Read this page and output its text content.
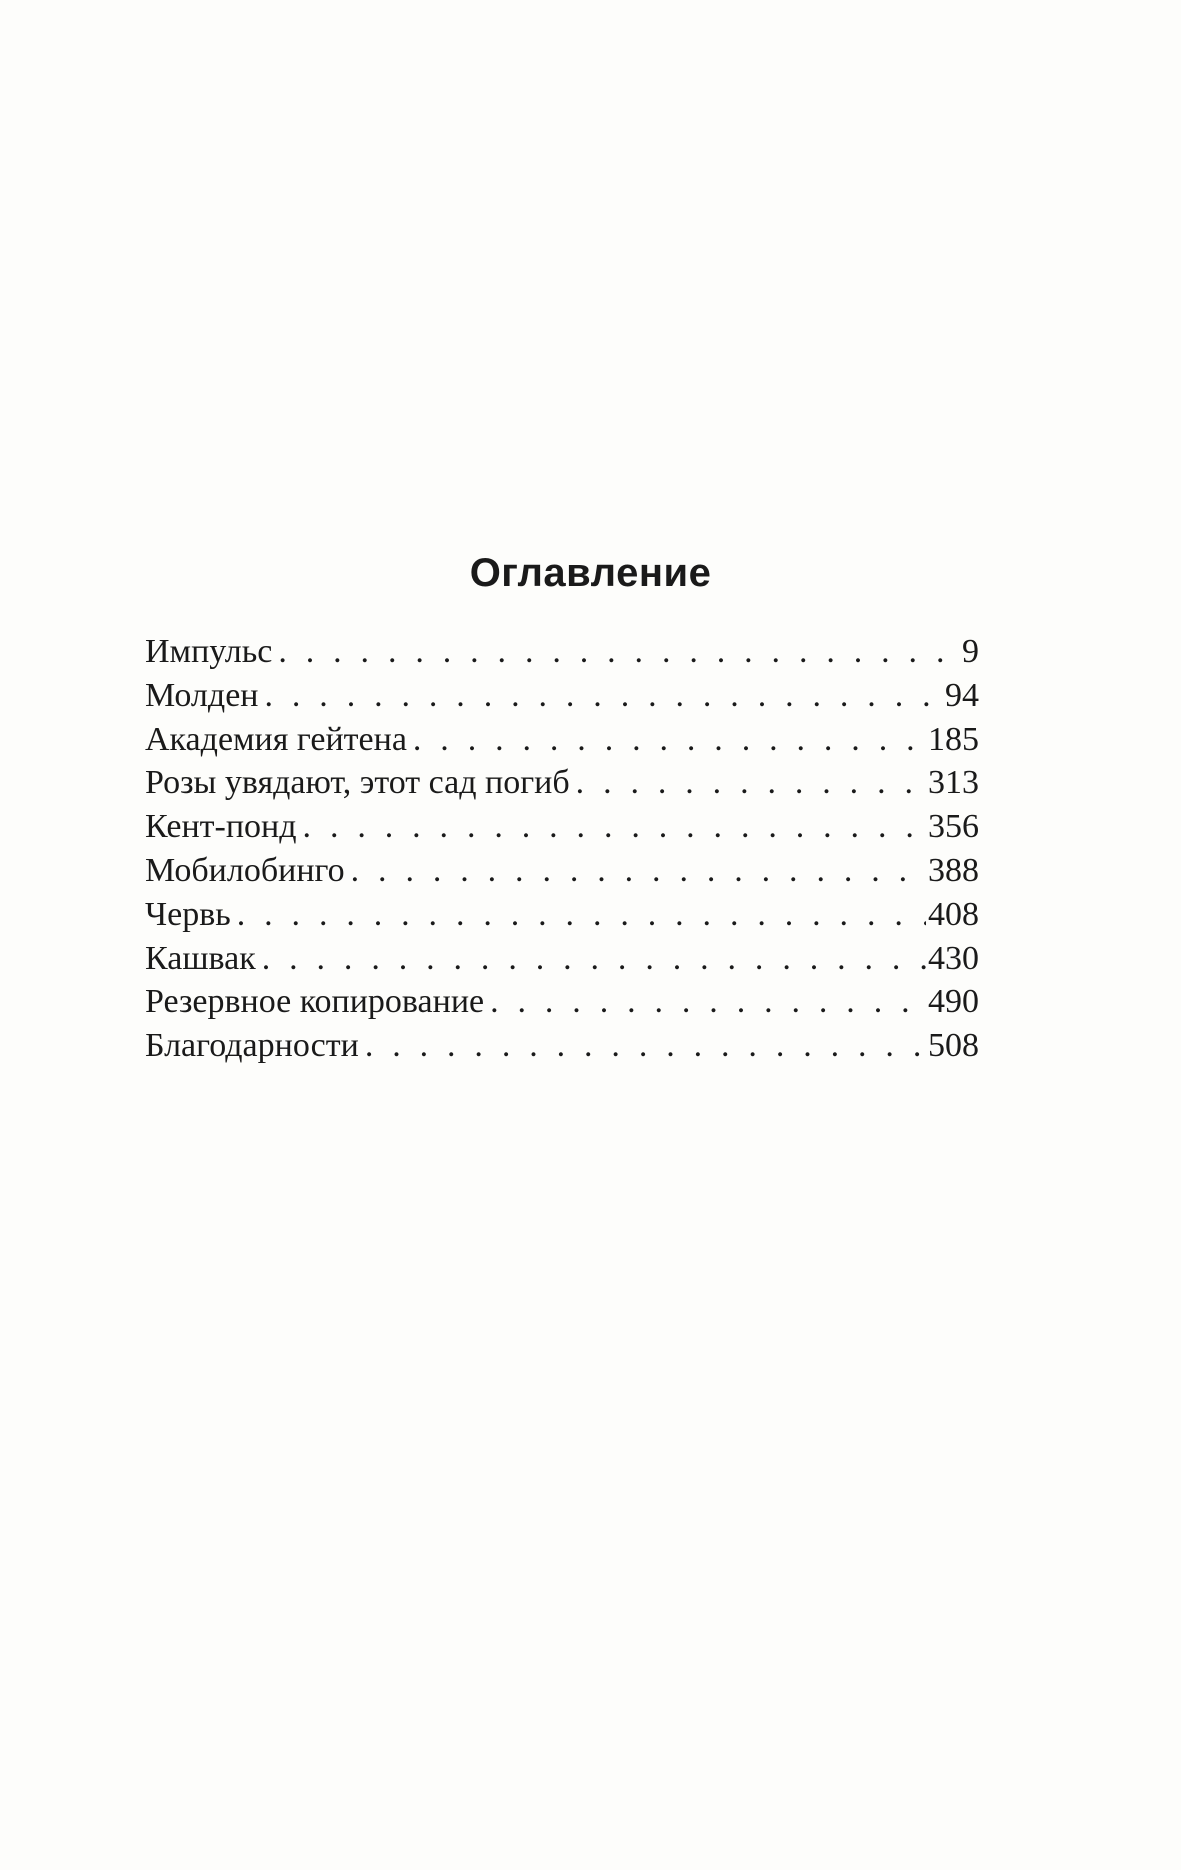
Оглавление
Импульс . . .	9
Молден . . .	94
Академия гейтена . . .	185
Розы увядают, этот сад погиб . . .	313
Кент-понд . . .	356
Мобилобинго . . .	388
Червь . . .	408
Кашвак . . .	430
Резервное копирование . . .	490
Благодарности . . .	508
